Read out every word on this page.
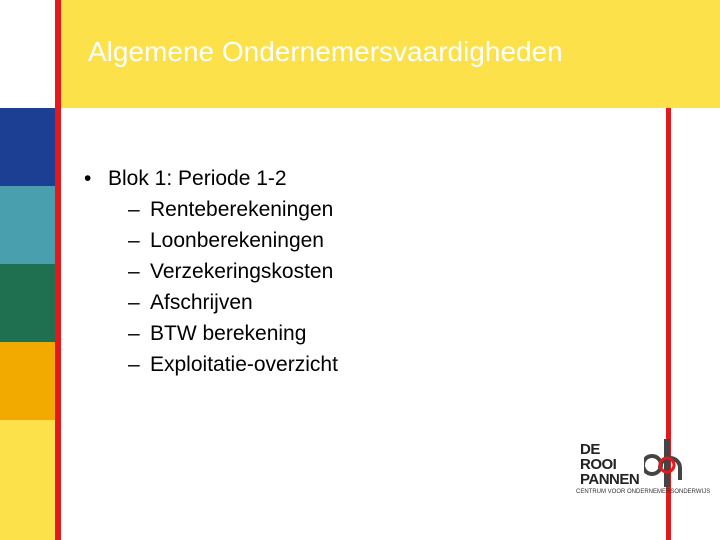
Algemene Ondernemersvaardigheden
• Blok 1: Periode 1-2
– Renteberekeningen
– Loonberekeningen
– Verzekeringskosten
– Afschrijven
– BTW berekening
– Exploitatie-overzicht
DE
ROOI
PANNEN
CENTRUM VOOR ONDERNEMERSONDERWIJS
